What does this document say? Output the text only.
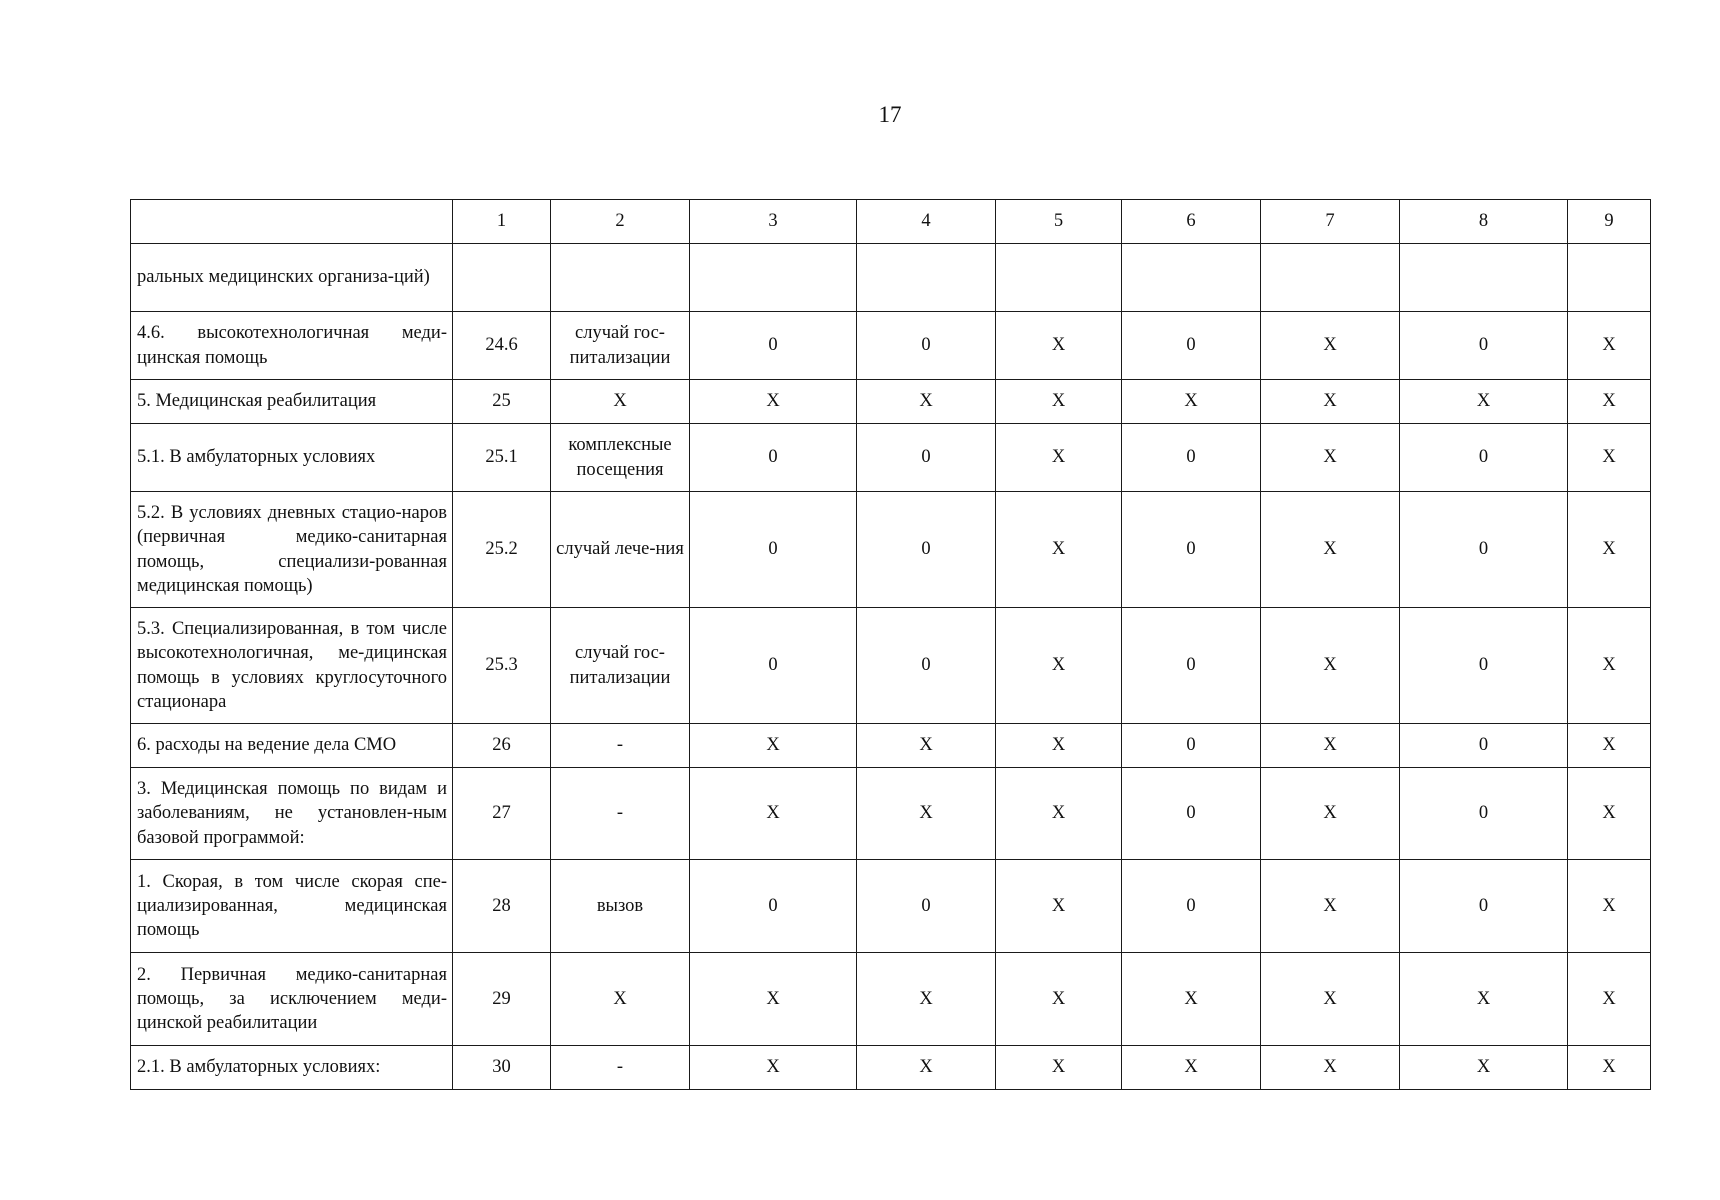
17
	1	2	3	4	5	6	7	8	9
ральных медицинских организа-ций)									
4.6. высокотехнологичная меди-цинская помощь	24.6	случай гос-питализации	0	0	Х	0	Х	0	Х
5. Медицинская реабилитация	25	Х	Х	Х	Х	Х	Х	Х	Х
5.1. В амбулаторных условиях	25.1	комплексные посещения	0	0	Х	0	Х	0	Х
5.2. В условиях дневных стацио-наров (первичная медико-санитарная помощь, специализи-рованная медицинская помощь)	25.2	случай лече-ния	0	0	Х	0	Х	0	Х
5.3. Специализированная, в том числе высокотехнологичная, ме-дицинская помощь в условиях круглосуточного стационара	25.3	случай гос-питализации	0	0	Х	0	Х	0	Х
6. расходы на ведение дела СМО	26	-	Х	Х	Х	0	Х	0	Х
3. Медицинская помощь по видам и заболеваниям, не установлен-ным базовой программой:	27	-	Х	Х	Х	0	Х	0	Х
1. Скорая, в том числе скорая спе-циализированная, медицинская помощь	28	вызов	0	0	Х	0	Х	0	Х
2. Первичная медико-санитарная помощь, за исключением меди-цинской реабилитации	29	Х	Х	Х	Х	Х	Х	Х	Х
2.1. В амбулаторных условиях:	30	-	Х	Х	Х	Х	Х	Х	Х
